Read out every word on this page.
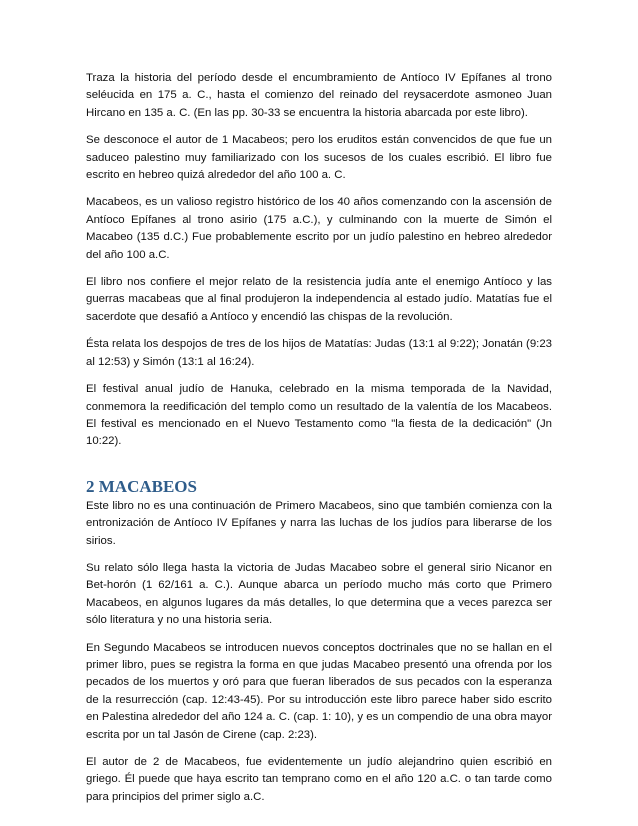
Traza la historia del período desde el encumbramiento de Antíoco IV Epífanes al trono seléucida en 175 a. C., hasta el comienzo del reinado del reysacerdote asmoneo Juan Hircano en 135 a. C. (En las pp. 30-33 se encuentra la historia abarcada por este libro).

Se desconoce el autor de 1 Macabeos; pero los eruditos están convencidos de que fue un saduceo palestino muy familiarizado con los sucesos de los cuales escribió. El libro fue escrito en hebreo quizá alrededor del año 100 a. C.

Macabeos, es un valioso registro histórico de los 40 años comenzando con la ascensión de Antíoco Epífanes al trono asirio (175 a.C.), y culminando con la muerte de Simón el Macabeo (135 d.C.) Fue probablemente escrito por un judío palestino en hebreo alrededor del año 100 a.C.

El libro nos confiere el mejor relato de la resistencia judía ante el enemigo Antíoco y las guerras macabeas que al final produjeron la independencia al estado judío. Matatías fue el sacerdote que desafió a Antíoco y encendió las chispas de la revolución.

Ésta relata los despojos de tres de los hijos de Matatías: Judas (13:1 al 9:22); Jonatán (9:23 al 12:53) y Simón (13:1 al 16:24).

El festival anual judío de Hanuka, celebrado en la misma temporada de la Navidad, conmemora la reedificación del templo como un resultado de la valentía de los Macabeos. El festival es mencionado en el Nuevo Testamento como "la fiesta de la dedicación" (Jn 10:22).

2 MACABEOS

Este libro no es una continuación de Primero Macabeos, sino que también comienza con la entronización de Antíoco IV Epífanes y narra las luchas de los judíos para liberarse de los sirios.

Su relato sólo llega hasta la victoria de Judas Macabeo sobre el general sirio Nicanor en Bet-horón (1 62/161 a. C.). Aunque abarca un período mucho más corto que Primero Macabeos, en algunos lugares da más detalles, lo que determina que a veces parezca ser sólo literatura y no una historia seria.

En Segundo Macabeos se introducen nuevos conceptos doctrinales que no se hallan en el primer libro, pues se registra la forma en que judas Macabeo presentó una ofrenda por los pecados de los muertos y oró para que fueran liberados de sus pecados con la esperanza de la resurrección (cap. 12:43-45). Por su introducción este libro parece haber sido escrito en Palestina alrededor del año 124 a. C. (cap. 1: 10), y es un compendio de una obra mayor escrita por un tal Jasón de Cirene (cap. 2:23).

El autor de 2 de Macabeos, fue evidentemente un judío alejandrino quien escribió en griego. Él puede que haya escrito tan temprano como en el año 120 a.C. o tan tarde como para principios del primer siglo a.C.
